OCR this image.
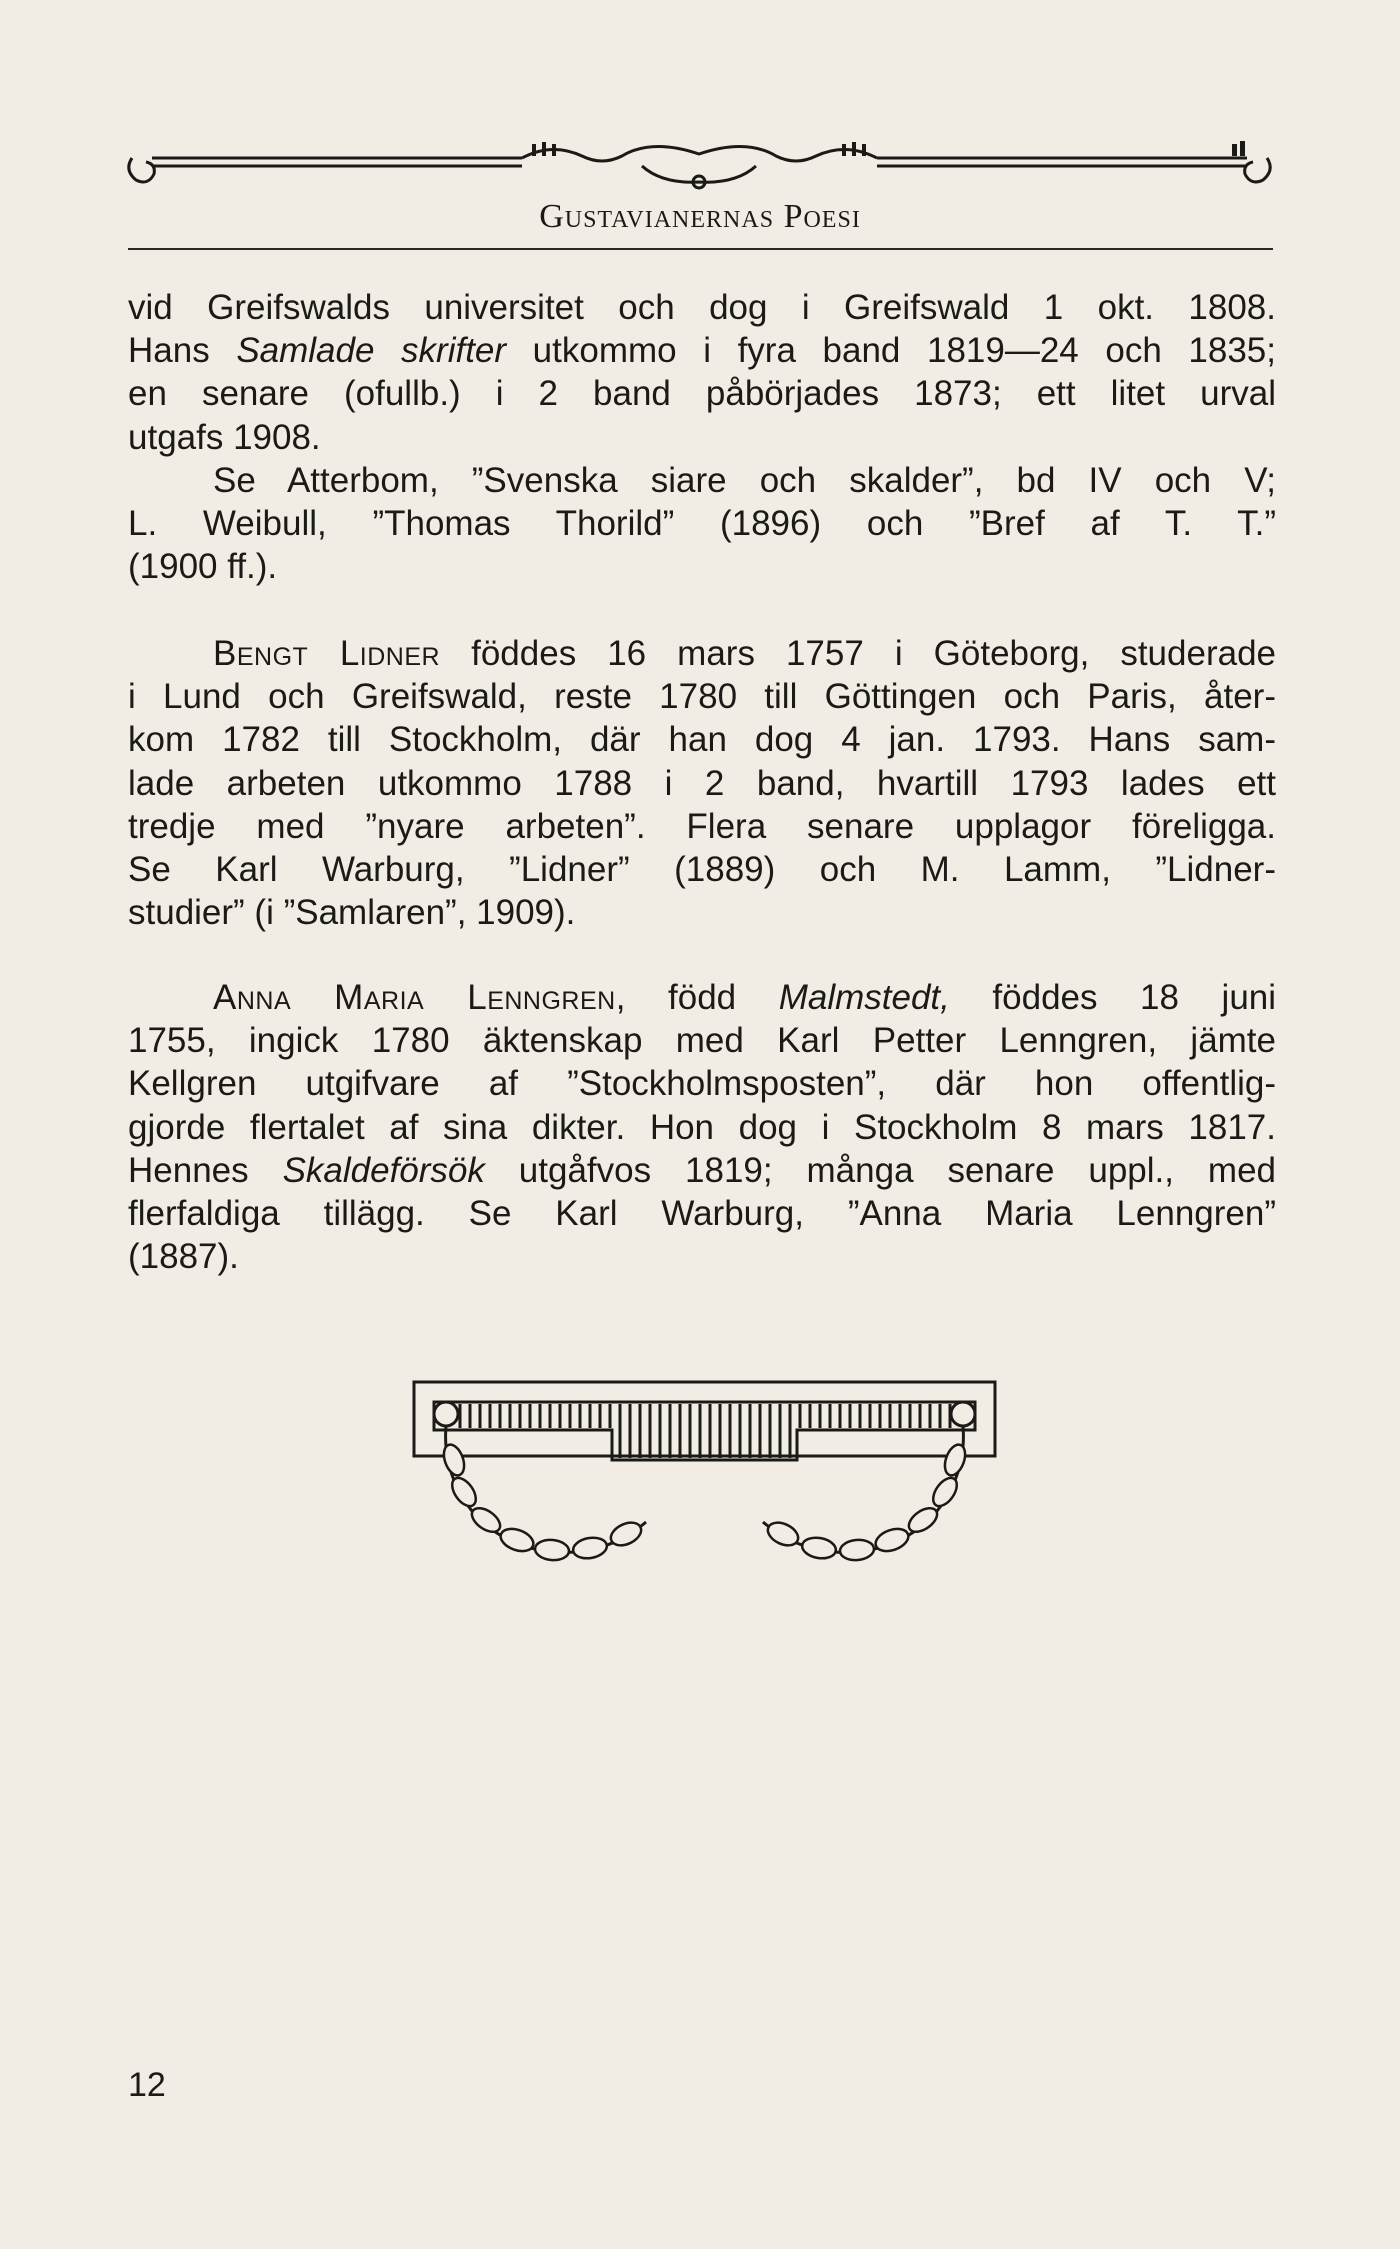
Gustavianernas Poesi
vid Greifswalds universitet och dog i Greifswald 1 okt. 1808.
Hans Samlade skrifter utkommo i fyra band 1819—24 och 1835;
en senare (ofullb.) i 2 band påbörjades 1873; ett litet urval
utgafs 1908.
Se Atterbom, ”Svenska siare och skalder”, bd IV och V;
L. Weibull, ”Thomas Thorild” (1896) och ”Bref af T. T.”
(1900 ff.).
Bengt Lidner föddes 16 mars 1757 i Göteborg, studerade
i Lund och Greifswald, reste 1780 till Göttingen och Paris, åter-
kom 1782 till Stockholm, där han dog 4 jan. 1793. Hans sam-
lade arbeten utkommo 1788 i 2 band, hvartill 1793 lades ett
tredje med ”nyare arbeten”. Flera senare upplagor föreligga.
Se Karl Warburg, ”Lidner” (1889) och M. Lamm, ”Lidner-
studier” (i ”Samlaren”, 1909).
Anna Maria Lenngren, född Malmstedt, föddes 18 juni
1755, ingick 1780 äktenskap med Karl Petter Lenngren, jämte
Kellgren utgifvare af ”Stockholmsposten”, där hon offentlig-
gjorde flertalet af sina dikter. Hon dog i Stockholm 8 mars 1817.
Hennes Skaldeförsök utgåfvos 1819; många senare uppl., med
flerfaldiga tillägg. Se Karl Warburg, ”Anna Maria Lenngren”
(1887).
12
